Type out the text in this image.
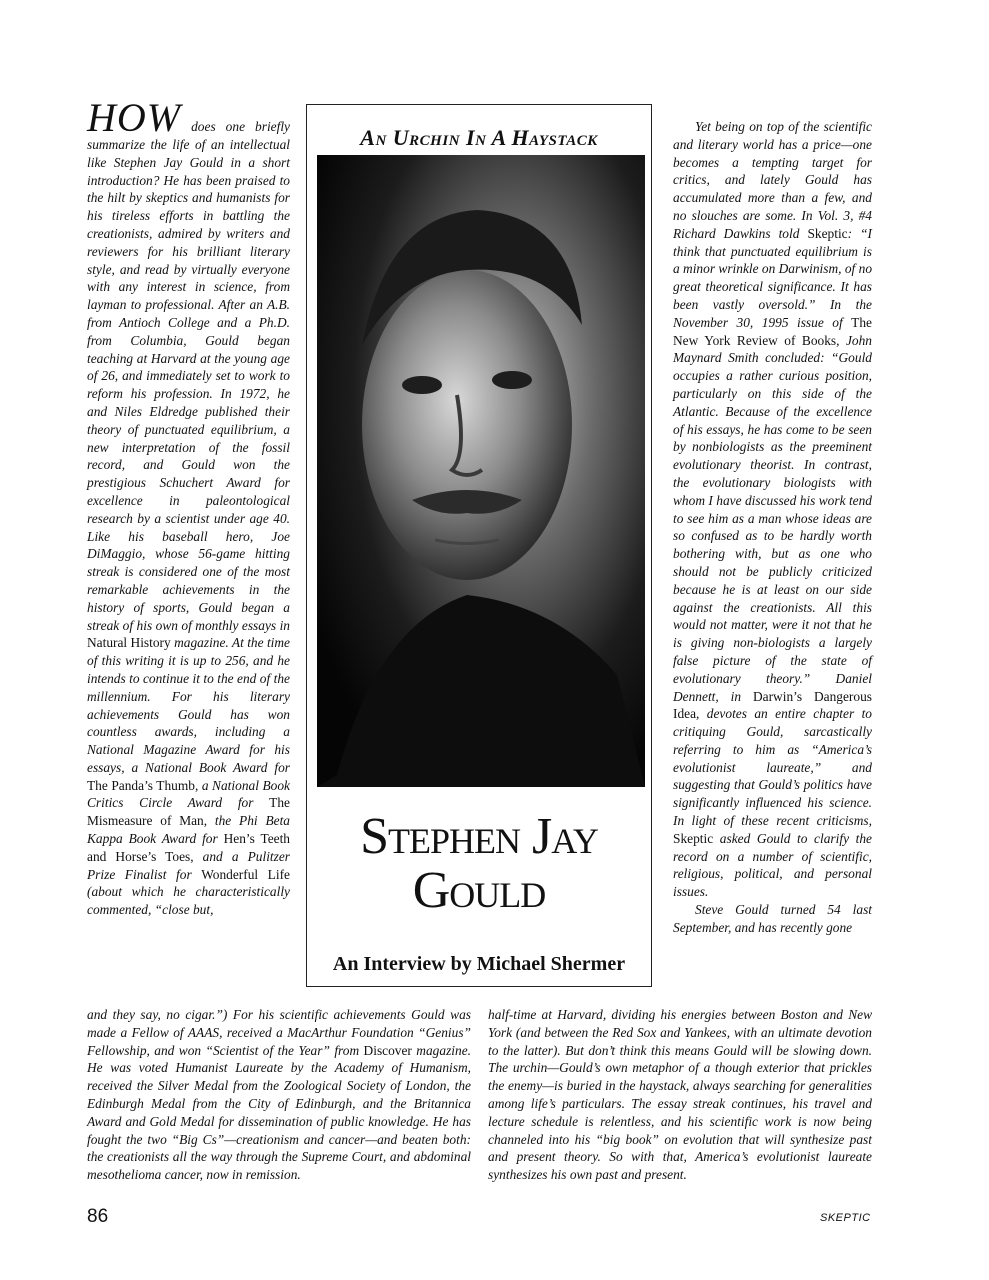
HOW does one briefly summarize the life of an intellectual like Stephen Jay Gould in a short introduction? He has been praised to the hilt by skeptics and humanists for his tireless efforts in battling the creationists, admired by writers and reviewers for his brilliant literary style, and read by virtually everyone with any interest in science, from layman to professional. After an A.B. from Antioch College and a Ph.D. from Columbia, Gould began teaching at Harvard at the young age of 26, and immediately set to work to reform his profession. In 1972, he and Niles Eldredge published their theory of punctuated equilibrium, a new interpretation of the fossil record, and Gould won the prestigious Schuchert Award for excellence in paleontological research by a scientist under age 40. Like his baseball hero, Joe DiMaggio, whose 56-game hitting streak is considered one of the most remarkable achievements in the history of sports, Gould began a streak of his own of monthly essays in Natural History magazine. At the time of this writing it is up to 256, and he intends to continue it to the end of the millennium. For his literary achievements Gould has won countless awards, including a National Magazine Award for his essays, a National Book Award for The Panda’s Thumb, a National Book Critics Circle Award for The Mismeasure of Man, the Phi Beta Kappa Book Award for Hen’s Teeth and Horse’s Toes, and a Pulitzer Prize Finalist for Wonderful Life (about which he characteristically commented, “close but,

An Urchin In A Haystack
Stephen Jay
Gould
An Interview by Michael Shermer

Yet being on top of the scientific and literary world has a price—one becomes a tempting target for critics, and lately Gould has accumulated more than a few, and no slouches are some. In Vol. 3, #4 Richard Dawkins told Skeptic: “I think that punctuated equilibrium is a minor wrinkle on Darwinism, of no great theoretical significance. It has been vastly oversold.” In the November 30, 1995 issue of The New York Review of Books, John Maynard Smith concluded: “Gould occupies a rather curious position, particularly on this side of the Atlantic. Because of the excellence of his essays, he has come to be seen by nonbiologists as the preeminent evolutionary theorist. In contrast, the evolutionary biologists with whom I have discussed his work tend to see him as a man whose ideas are so confused as to be hardly worth bothering with, but as one who should not be publicly criticized because he is at least on our side against the creationists. All this would not matter, were it not that he is giving non-biologists a largely false picture of the state of evolutionary theory.” Daniel Dennett, in Darwin’s Dangerous Idea, devotes an entire chapter to critiquing Gould, sarcastically referring to him as “America’s evolutionist laureate,” and suggesting that Gould’s politics have significantly influenced his science. In light of these recent criticisms, Skeptic asked Gould to clarify the record on a number of scientific, religious, political, and personal issues.

Steve Gould turned 54 last September, and has recently gone

and they say, no cigar.”) For his scientific achievements Gould was made a Fellow of AAAS, received a MacArthur Foundation “Genius” Fellowship, and won “Scientist of the Year” from Discover magazine. He was voted Humanist Laureate by the Academy of Humanism, received the Silver Medal from the Zoological Society of London, the Edinburgh Medal from the City of Edinburgh, and the Britannica Award and Gold Medal for dissemination of public knowledge. He has fought the two “Big Cs”—creationism and cancer—and beaten both: the creationists all the way through the Supreme Court, and abdominal mesothelioma cancer, now in remission.

half-time at Harvard, dividing his energies between Boston and New York (and between the Red Sox and Yankees, with an ultimate devotion to the latter). But don’t think this means Gould will be slowing down. The urchin—Gould’s own metaphor of a though exterior that prickles the enemy—is buried in the haystack, always searching for generalities among life’s particulars. The essay streak continues, his travel and lecture schedule is relentless, and his scientific work is now being channeled into his “big book” on evolution that will synthesize past and present theory. So with that, America’s evolutionist laureate synthesizes his own past and present.

86	SKEPTIC
